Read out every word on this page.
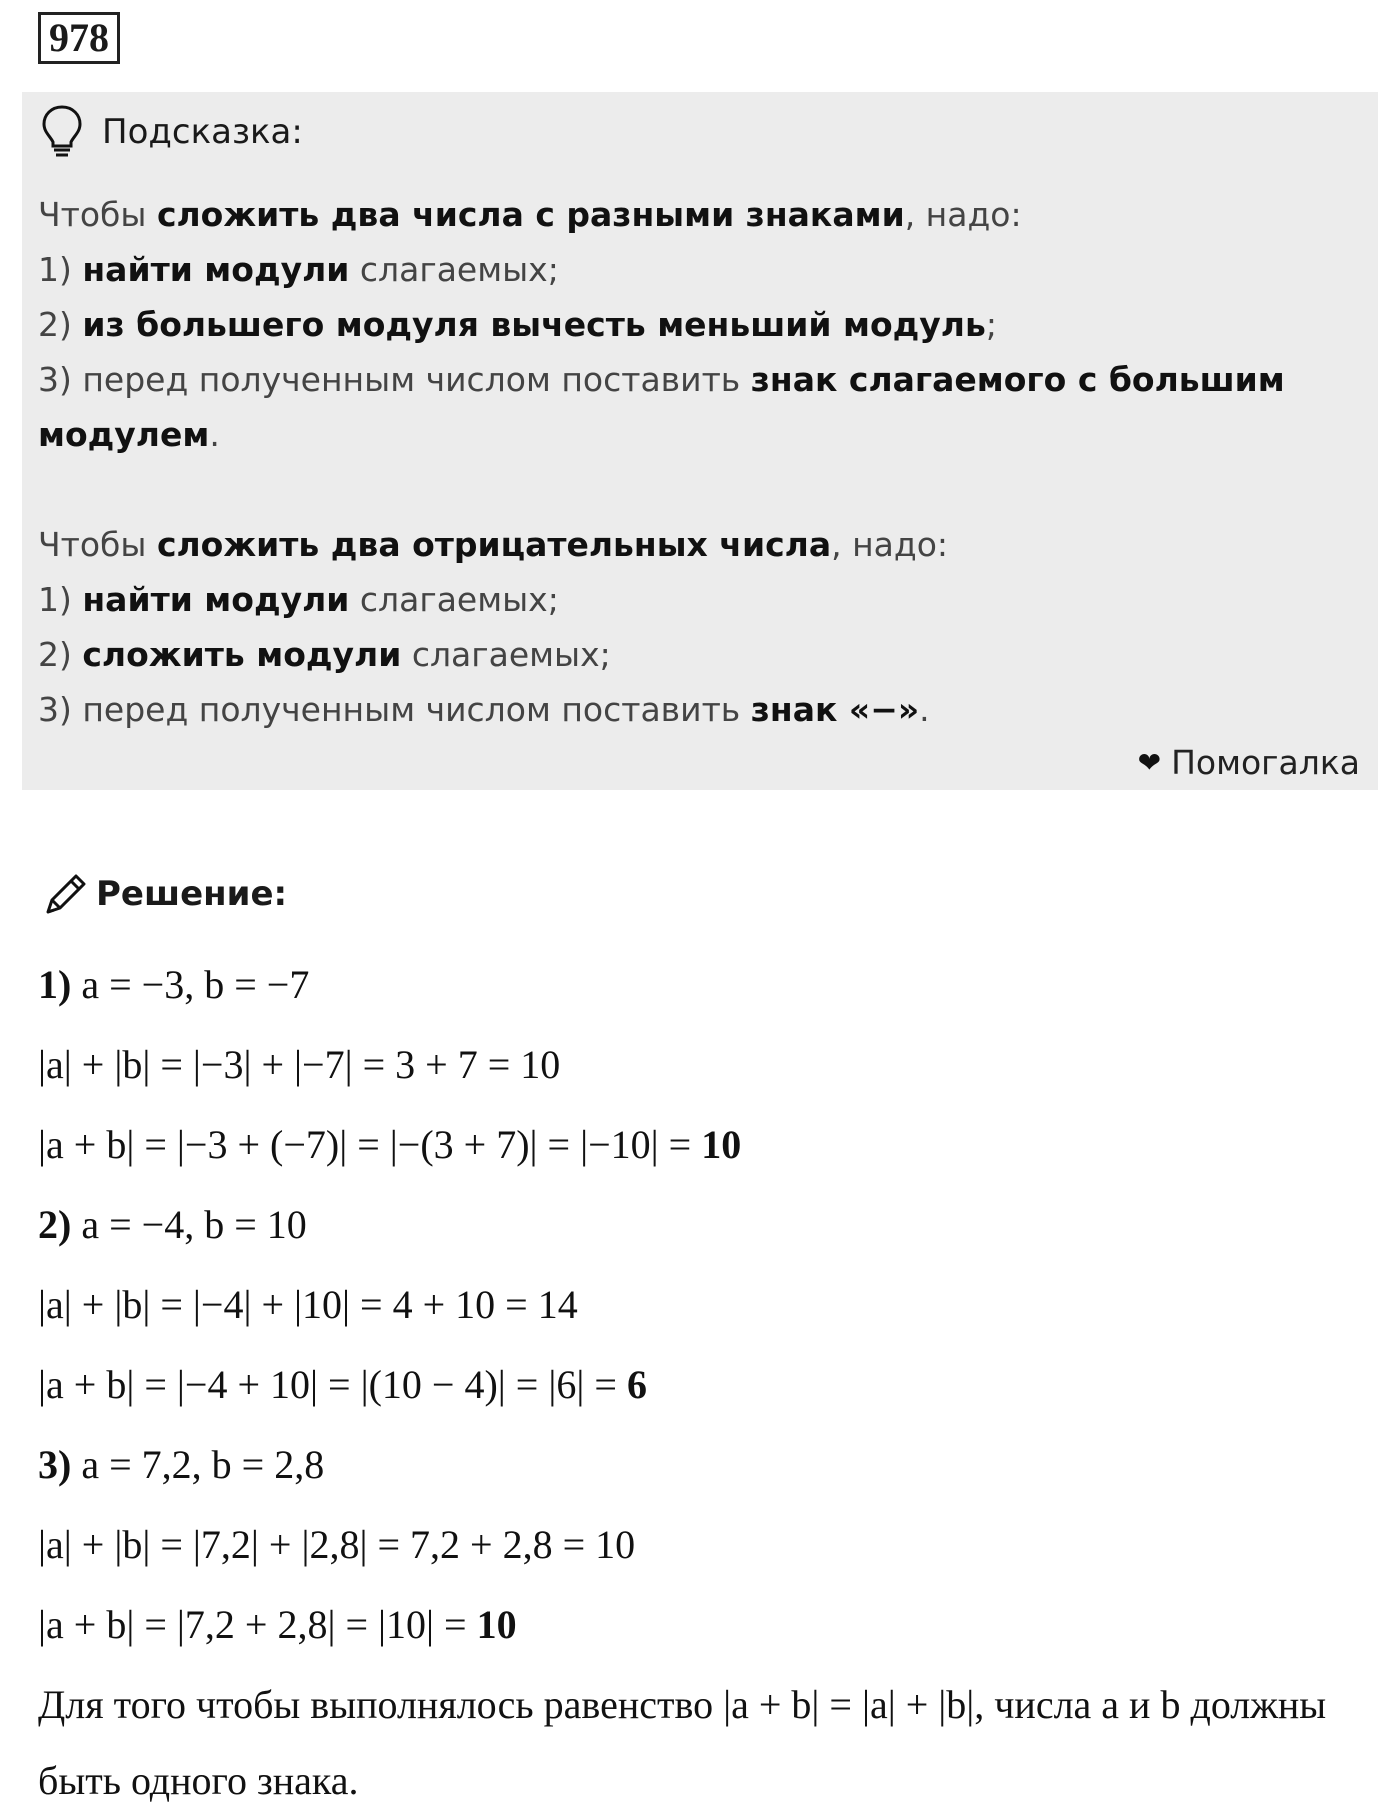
978
Подсказка:

Чтобы сложить два числа с разными знаками, надо:

1) найти модули слагаемых;

2) из большего модуля вычесть меньший модуль;

3) перед полученным числом поставить знак слагаемого с большим модулем.

Чтобы сложить два отрицательных числа, надо:

1) найти модули слагаемых;

2) сложить модули слагаемых;

3) перед полученным числом поставить знак «−».

❤ Помогалка
Решение:
1) a = −3, b = −7
|a| + |b| = |−3| + |−7| = 3 + 7 = 10
|a + b| = |−3 + (−7)| = |−(3 + 7)| = |−10| = 10
2) a = −4, b = 10
|a| + |b| = |−4| + |10| = 4 + 10 = 14
|a + b| = |−4 + 10| = |(10 − 4)| = |6| = 6
3) a = 7,2, b = 2,8
|a| + |b| = |7,2| + |2,8| = 7,2 + 2,8 = 10
|a + b| = |7,2 + 2,8| = |10| = 10
Для того чтобы выполнялось равенство |a + b| = |a| + |b|, числа a и b должны быть одного знака.
